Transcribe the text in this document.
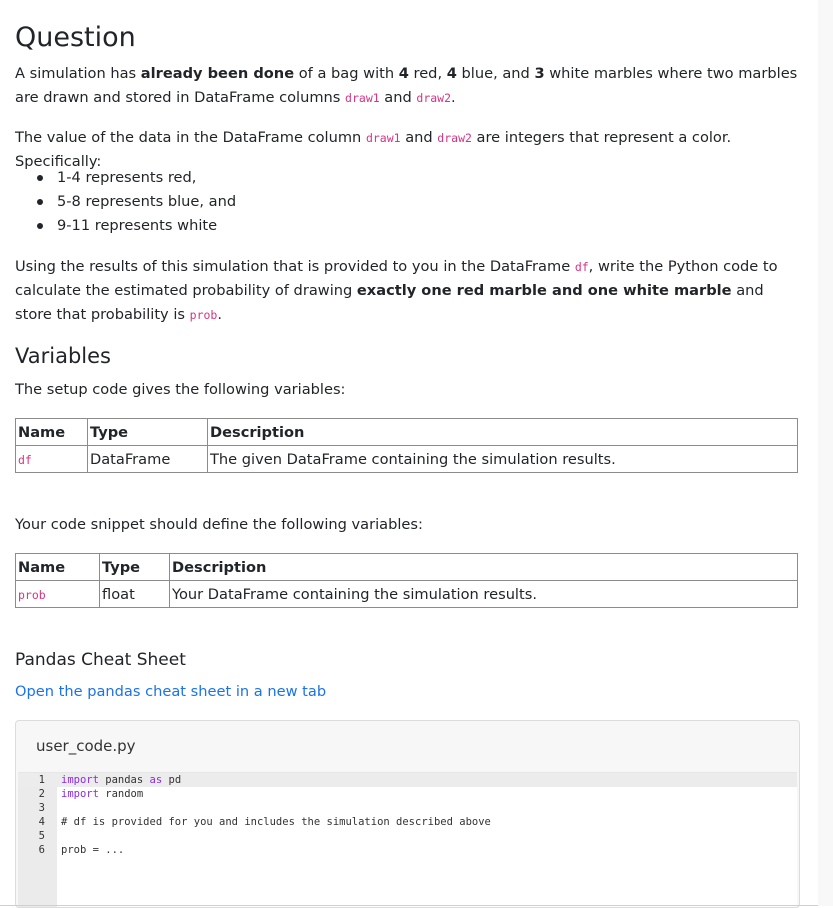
Question

A simulation has already been done of a bag with 4 red, 4 blue, and 3 white marbles where two marbles are drawn and stored in DataFrame columns draw1 and draw2.

The value of the data in the DataFrame column draw1 and draw2 are integers that represent a color. Specifically:

1-4 represents red,
5-8 represents blue, and
9-11 represents white

Using the results of this simulation that is provided to you in the DataFrame df, write the Python code to calculate the estimated probability of drawing exactly one red marble and one white marble and store that probability is prob.

Variables

The setup code gives the following variables:

Name	Type	Description
df	DataFrame	The given DataFrame containing the simulation results.

Your code snippet should define the following variables:

Name	Type	Description
prob	float	Your DataFrame containing the simulation results.
Pandas Cheat Sheet
Open the pandas cheat sheet in a new tab
user_code.py
1 import pandas as pd
2 import random
3
4 # df is provided for you and includes the simulation described above
5
6 prob = ...
